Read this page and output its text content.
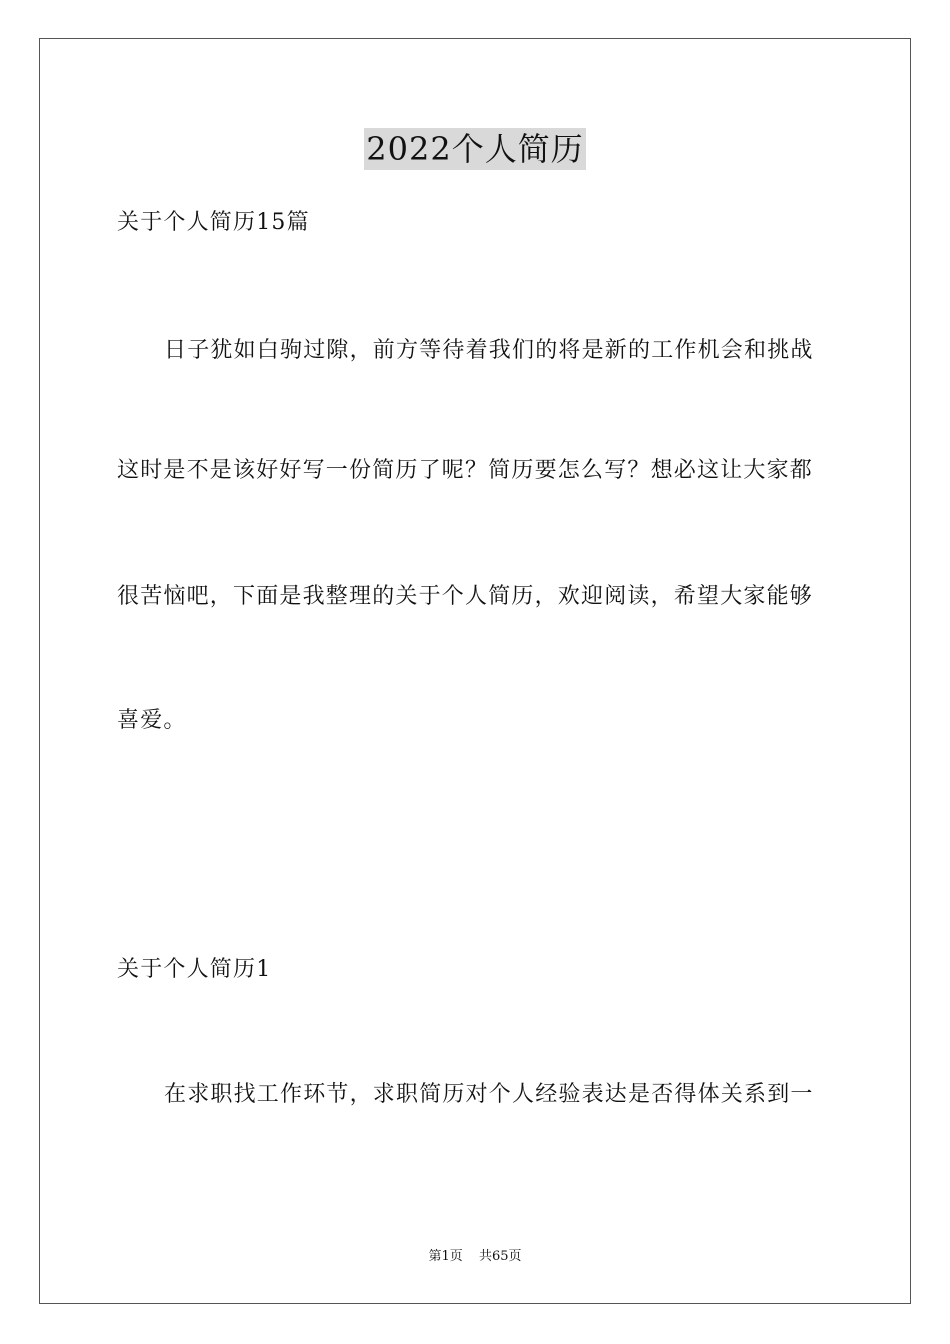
2022个人简历
关于个人简历15篇
日子犹如白驹过隙，前方等待着我们的将是新的工作机会和挑战
这时是不是该好好写一份简历了呢？简历要怎么写？想必这让大家都
很苦恼吧，下面是我整理的关于个人简历，欢迎阅读，希望大家能够
喜爱。
关于个人简历1
在求职找工作环节，求职简历对个人经验表达是否得体关系到一
第1页 共65页
